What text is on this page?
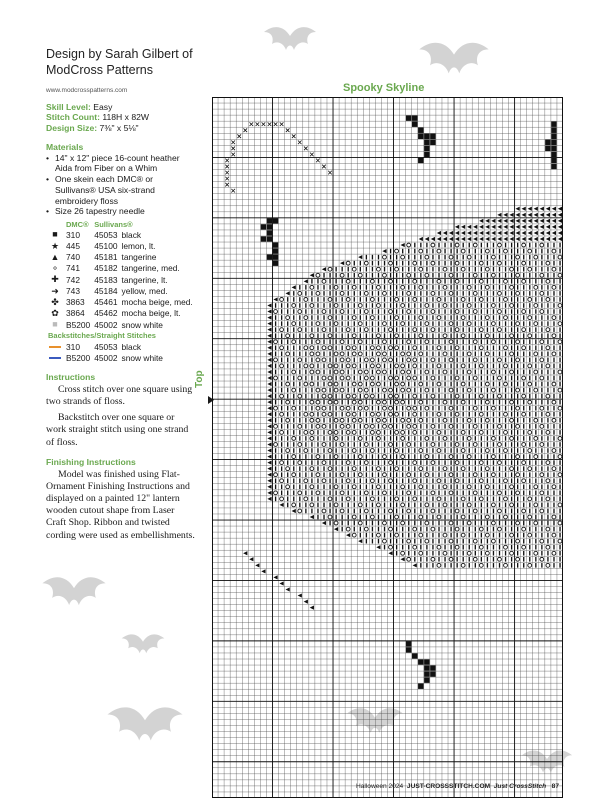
Design by Sarah Gilbert of ModCross Patterns
www.modcrosspatterns.com
Skill Level: Easy
Stitch Count: 118H x 82W
Design Size: 7⅜" x 5⅛"
Materials
• 14" x 12" piece 16-count heather Aida from Fiber on a Whim
• One skein each DMC® or Sullivans® USA six-strand embroidery floss
• Size 26 tapestry needle
	DMC®	Sullivans®	
■	310	45053	black
★	445	45100	lemon, lt.
▲	740	45181	tangerine
⚬	741	45182	tangerine, med.
✚	742	45183	tangerine, lt.
➜	743	45184	yellow, med.
✤	3863	45461	mocha beige, med.
✿	3864	45462	mocha beige, lt.
■	B5200	45002	snow white
Backstitches/Straight Stitches			
	310	45053	black
	B5200	45002	snow white
Instructions

Cross stitch over one square using two strands of floss.

Backstitch over one square or work straight stitch using one strand of floss.

Finishing Instructions

Model was finished using Flat-Ornament Finishing Instructions and displayed on a painted 12" lantern wooden cutout shape from Laser Craft Shop. Ribbon and twisted cording were used as embellishments.

Spooky Skyline
Top
Halloween 2024 JUST-CROSSSTITCH.COM Just CrossStitch 87
